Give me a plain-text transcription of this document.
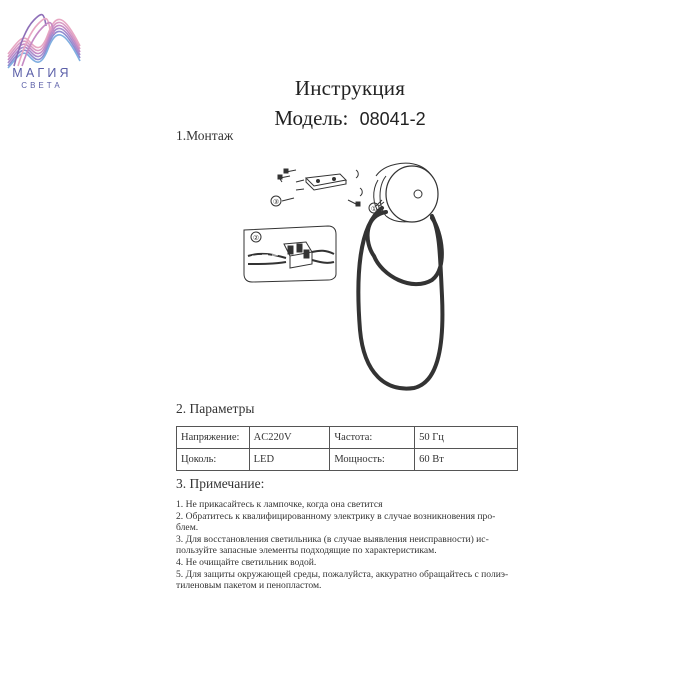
МАГИЯ
СВЕТА	Инструкция
Модель: 08041-2
1.Монтаж
③
②
①
2. Параметры
Напряжение:	AC220V	Частота:	50 Гц
Цоколь:	LED	Мощность:	60 Вт
3. Примечание:
1. Не прикасайтесь к лампочке, когда она светится
2. Обратитесь к квалифицированному электрику в случае возникновения про-
блем.
3. Для восстановления светильника (в случае выявления неисправности) ис-
пользуйте запасные элементы подходящие по характеристикам.
4. Не очищайте светильник водой.
5. Для защиты окружающей среды, пожалуйста, аккуратно обращайтесь с полиэ-
тиленовым пакетом и пенопластом.
